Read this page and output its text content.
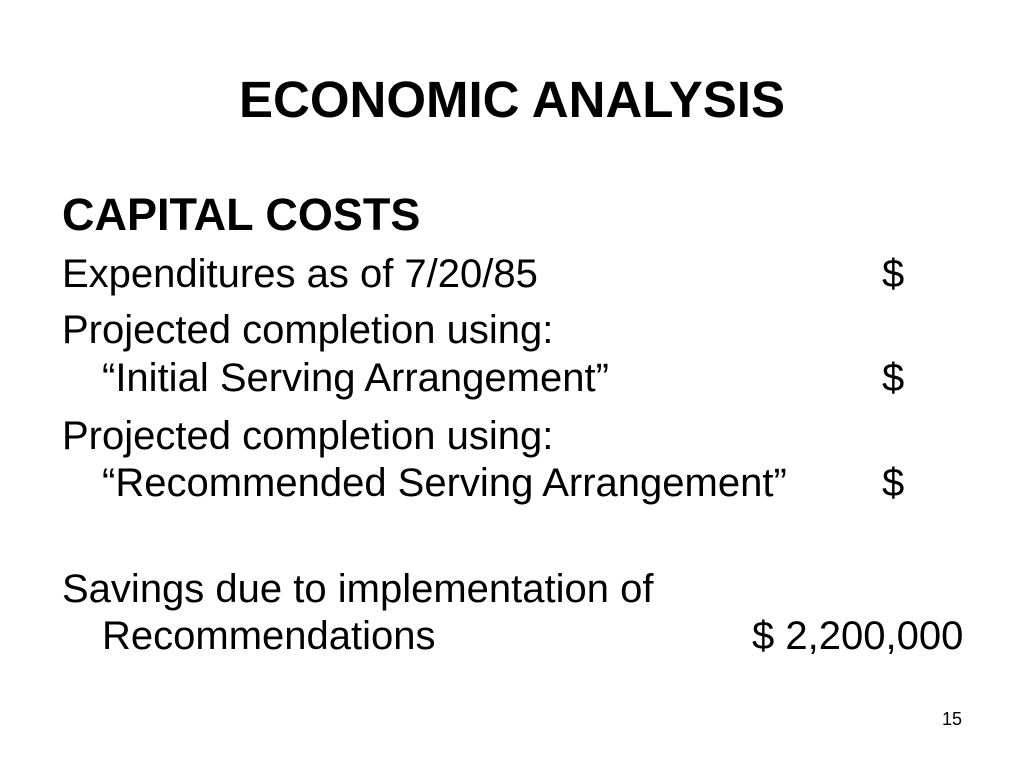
ECONOMIC ANALYSIS
CAPITAL COSTS
Expenditures as of 7/20/85	$
Projected completion using:
“Initial Serving Arrangement”	$
Projected completion using:
“Recommended Serving Arrangement” $
Savings due to implementation of
Recommendations	$ 2,200,000
15
